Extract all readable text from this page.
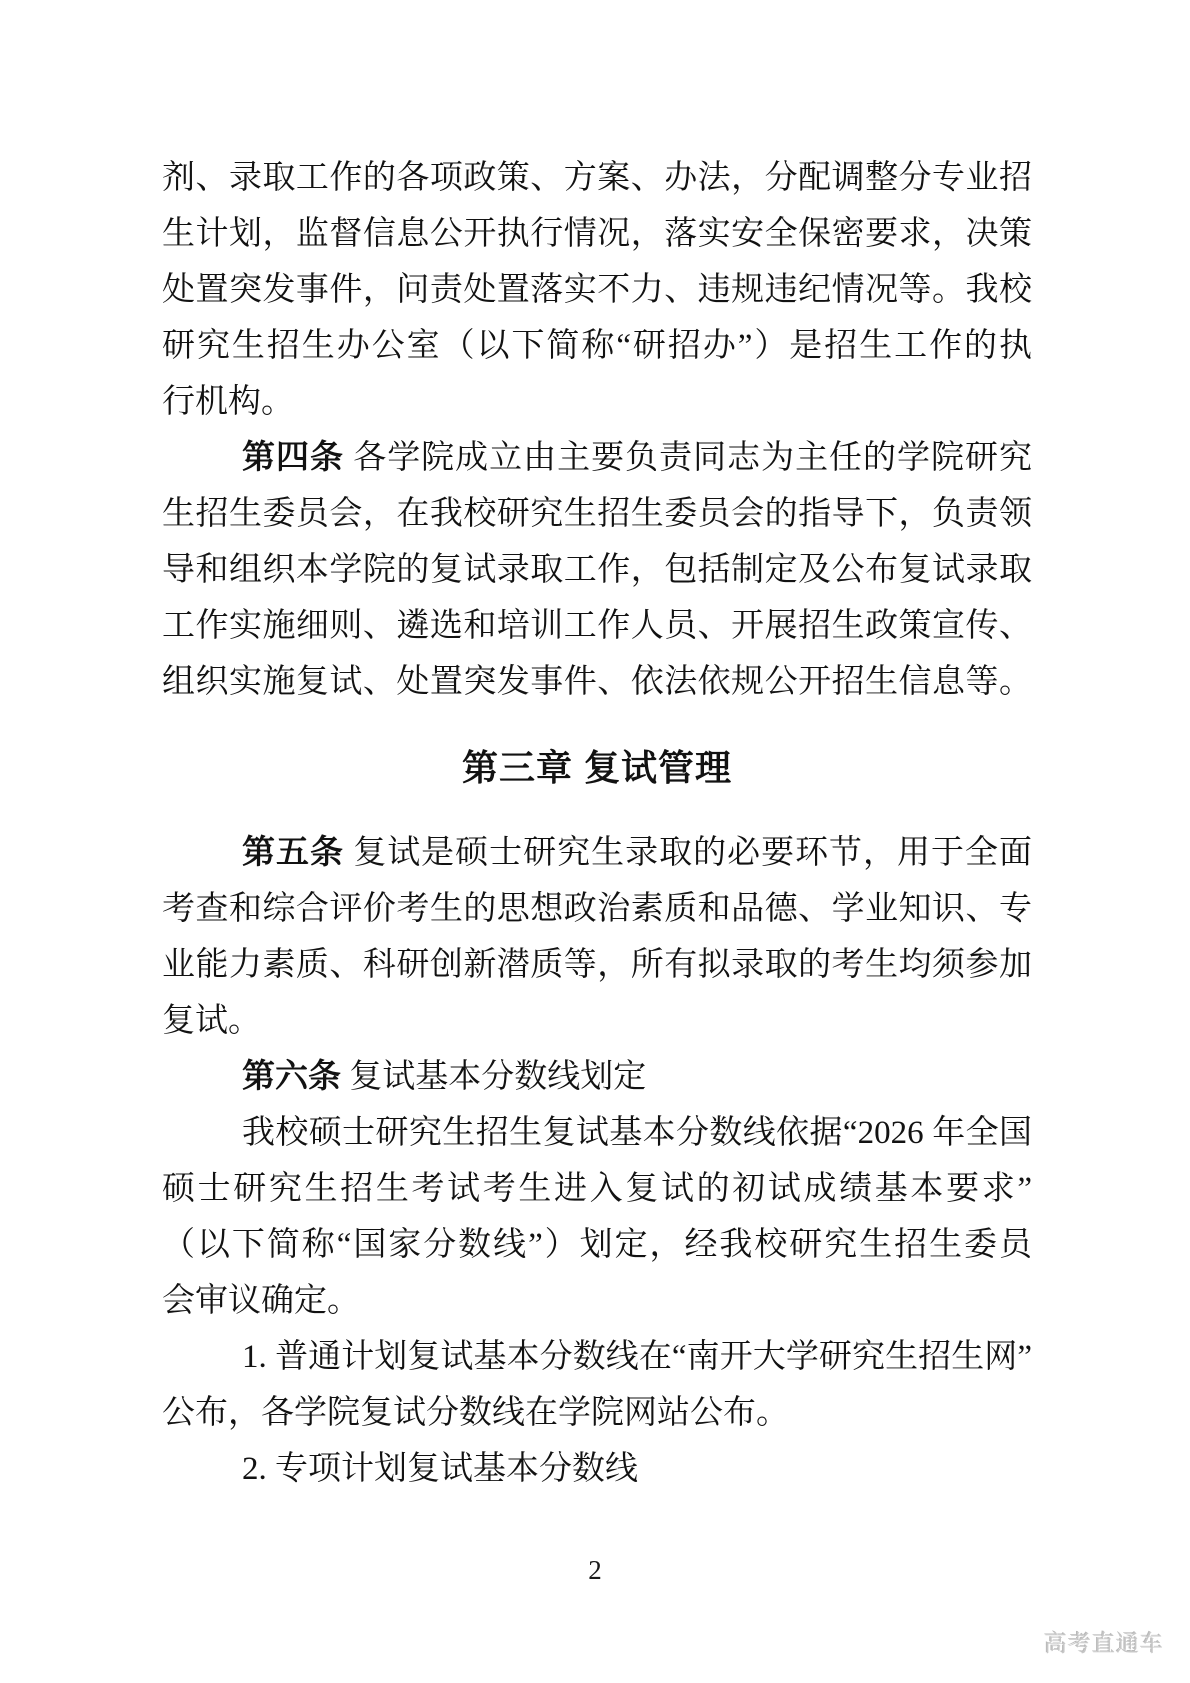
剂、录取工作的各项政策、方案、办法，分配调整分专业招
生计划，监督信息公开执行情况，落实安全保密要求，决策
处置突发事件，问责处置落实不力、违规违纪情况等。我校
研究生招生办公室（以下简称“研招办”）是招生工作的执
行机构。
第四条 各学院成立由主要负责同志为主任的学院研究
生招生委员会，在我校研究生招生委员会的指导下，负责领
导和组织本学院的复试录取工作，包括制定及公布复试录取
工作实施细则、遴选和培训工作人员、开展招生政策宣传、
组织实施复试、处置突发事件、依法依规公开招生信息等。
第三章 复试管理
第五条 复试是硕士研究生录取的必要环节，用于全面
考查和综合评价考生的思想政治素质和品德、学业知识、专
业能力素质、科研创新潜质等，所有拟录取的考生均须参加
复试。
第六条 复试基本分数线划定
我校硕士研究生招生复试基本分数线依据“2026 年全国
硕士研究生招生考试考生进入复试的初试成绩基本要求”
（以下简称“国家分数线”）划定，经我校研究生招生委员
会审议确定。
1. 普通计划复试基本分数线在“南开大学研究生招生网”
公布，各学院复试分数线在学院网站公布。
2. 专项计划复试基本分数线
2
高考直通车
